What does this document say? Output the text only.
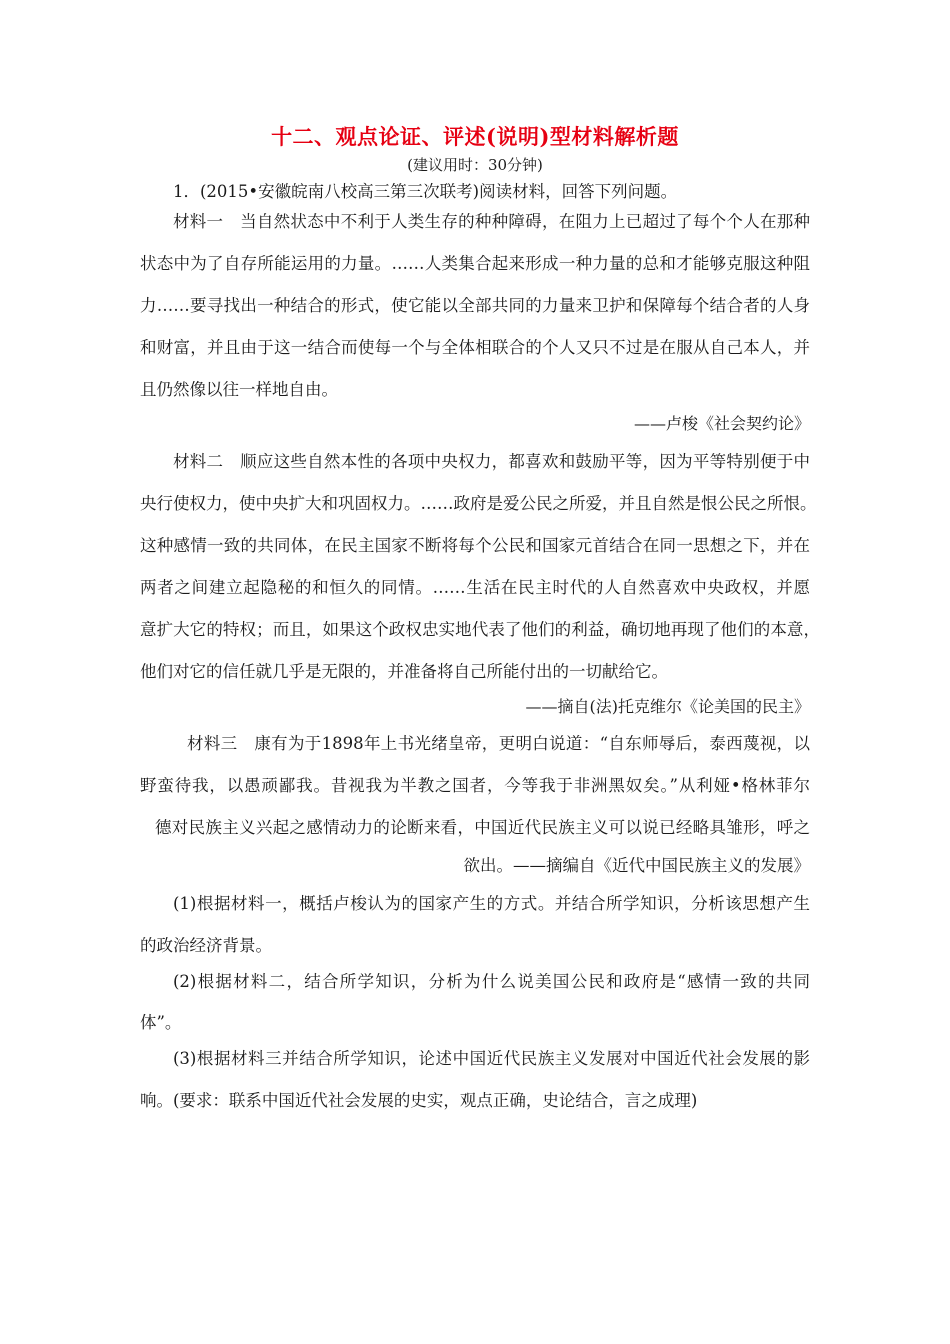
十二、观点论证、评述(说明)型材料解析题
(建议用时：30分钟)
1．(2015•安徽皖南八校高三第三次联考)阅读材料，回答下列问题。
材料一　当自然状态中不利于人类生存的种种障碍，在阻力上已超过了每个个人在那种
状态中为了自存所能运用的力量。……人类集合起来形成一种力量的总和才能够克服这种阻
力……要寻找出一种结合的形式，使它能以全部共同的力量来卫护和保障每个结合者的人身
和财富，并且由于这一结合而使每一个与全体相联合的个人又只不过是在服从自己本人，并
且仍然像以往一样地自由。
——卢梭《社会契约论》
材料二　顺应这些自然本性的各项中央权力，都喜欢和鼓励平等，因为平等特别便于中
央行使权力，使中央扩大和巩固权力。……政府是爱公民之所爱，并且自然是恨公民之所恨。
这种感情一致的共同体，在民主国家不断将每个公民和国家元首结合在同一思想之下，并在
两者之间建立起隐秘的和恒久的同情。……生活在民主时代的人自然喜欢中央政权，并愿
意扩大它的特权；而且，如果这个政权忠实地代表了他们的利益，确切地再现了他们的本意，
他们对它的信任就几乎是无限的，并准备将自己所能付出的一切献给它。
——摘自(法)托克维尔《论美国的民主》
材料三　康有为于1898年上书光绪皇帝，更明白说道：“自东师辱后，泰西蔑视，以
野蛮待我，以愚顽鄙我。昔视我为半教之国者，今等我于非洲黑奴矣。”从利娅•格林菲尔
德对民族主义兴起之感情动力的论断来看，中国近代民族主义可以说已经略具雏形，呼之
欲出。——摘编自《近代中国民族主义的发展》
(1)根据材料一，概括卢梭认为的国家产生的方式。并结合所学知识，分析该思想产生
的政治经济背景。
(2)根据材料二，结合所学知识，分析为什么说美国公民和政府是“感情一致的共同
体”。
(3)根据材料三并结合所学知识，论述中国近代民族主义发展对中国近代社会发展的影
响。(要求：联系中国近代社会发展的史实，观点正确，史论结合，言之成理)
